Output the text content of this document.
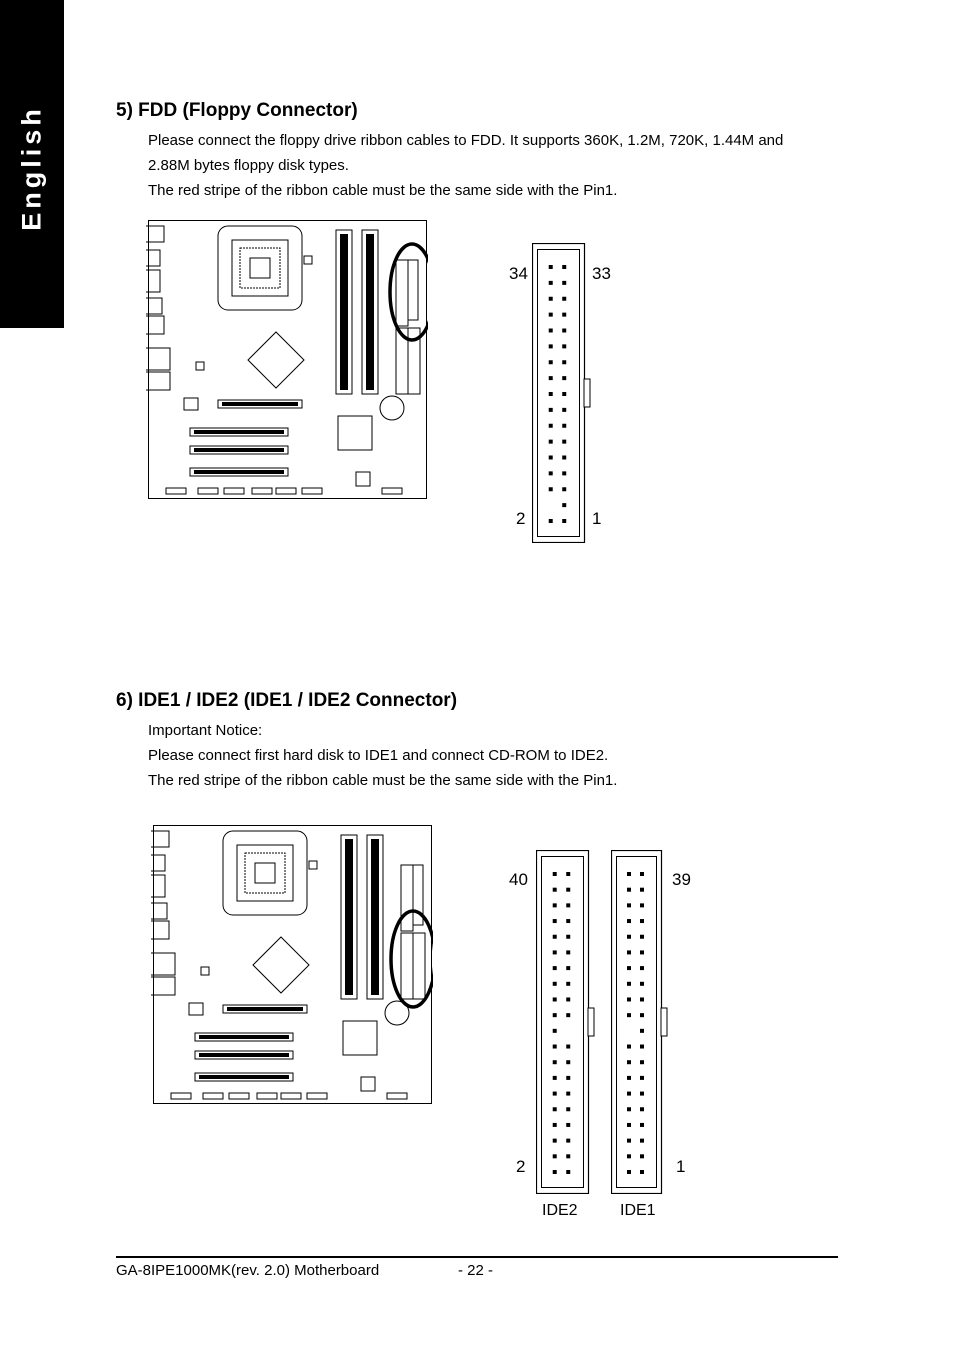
English	5) FDD (Floppy Connector)

Please connect the floppy drive ribbon cables to FDD. It supports 360K, 1.2M, 720K, 1.44M and

2.88M bytes floppy disk types.

The red stripe of the ribbon cable must be the same side with the Pin1.

34	33
2	1
6) IDE1 / IDE2 (IDE1 / IDE2 Connector)

Important Notice:

Please connect first hard disk to IDE1 and connect CD-ROM to IDE2.

The red stripe of the ribbon cable must be the same side with the Pin1.

40	39
2	1
IDE2	IDE1
GA-8IPE1000MK(rev. 2.0) Motherboard	- 22 -
